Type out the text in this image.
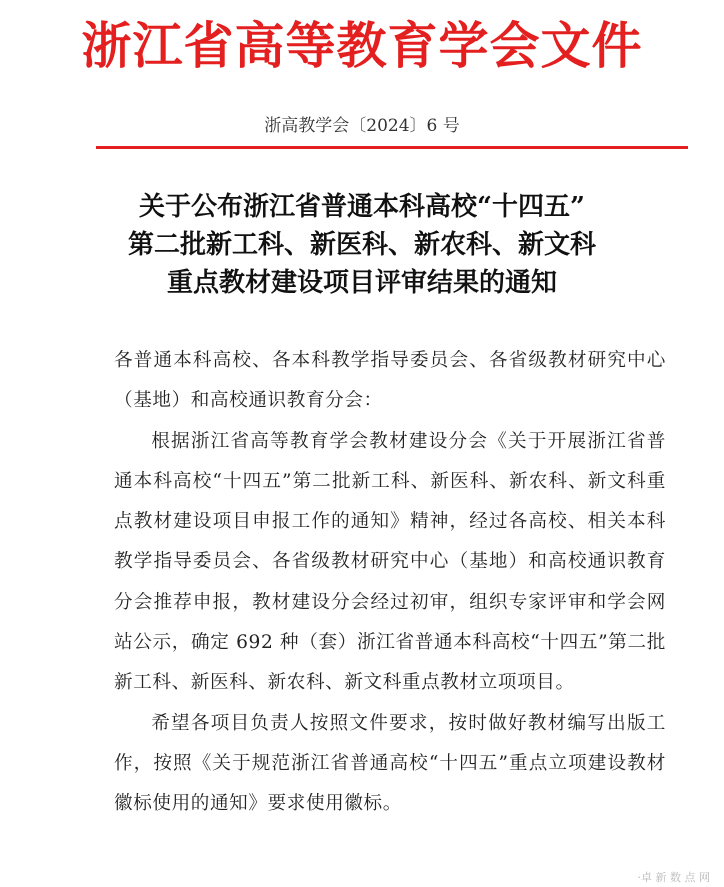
浙江省高等教育学会文件
浙高教学会〔2024〕6 号
关于公布浙江省普通本科高校“十四五”
第二批新工科、新医科、新农科、新文科
重点教材建设项目评审结果的通知

各普通本科高校、各本科教学指导委员会、各省级教材研究中心（基地）和高校通识教育分会：

根据浙江省高等教育学会教材建设分会《关于开展浙江省普通本科高校“十四五”第二批新工科、新医科、新农科、新文科重点教材建设项目申报工作的通知》精神，经过各高校、相关本科教学指导委员会、各省级教材研究中心（基地）和高校通识教育分会推荐申报，教材建设分会经过初审，组织专家评审和学会网站公示，确定 692 种（套）浙江省普通本科高校“十四五”第二批新工科、新医科、新农科、新文科重点教材立项项目。

希望各项目负责人按照文件要求，按时做好教材编写出版工作，按照《关于规范浙江省普通高校“十四五”重点立项建设教材徽标使用的通知》要求使用徽标。

·卓 新 数 点 网
